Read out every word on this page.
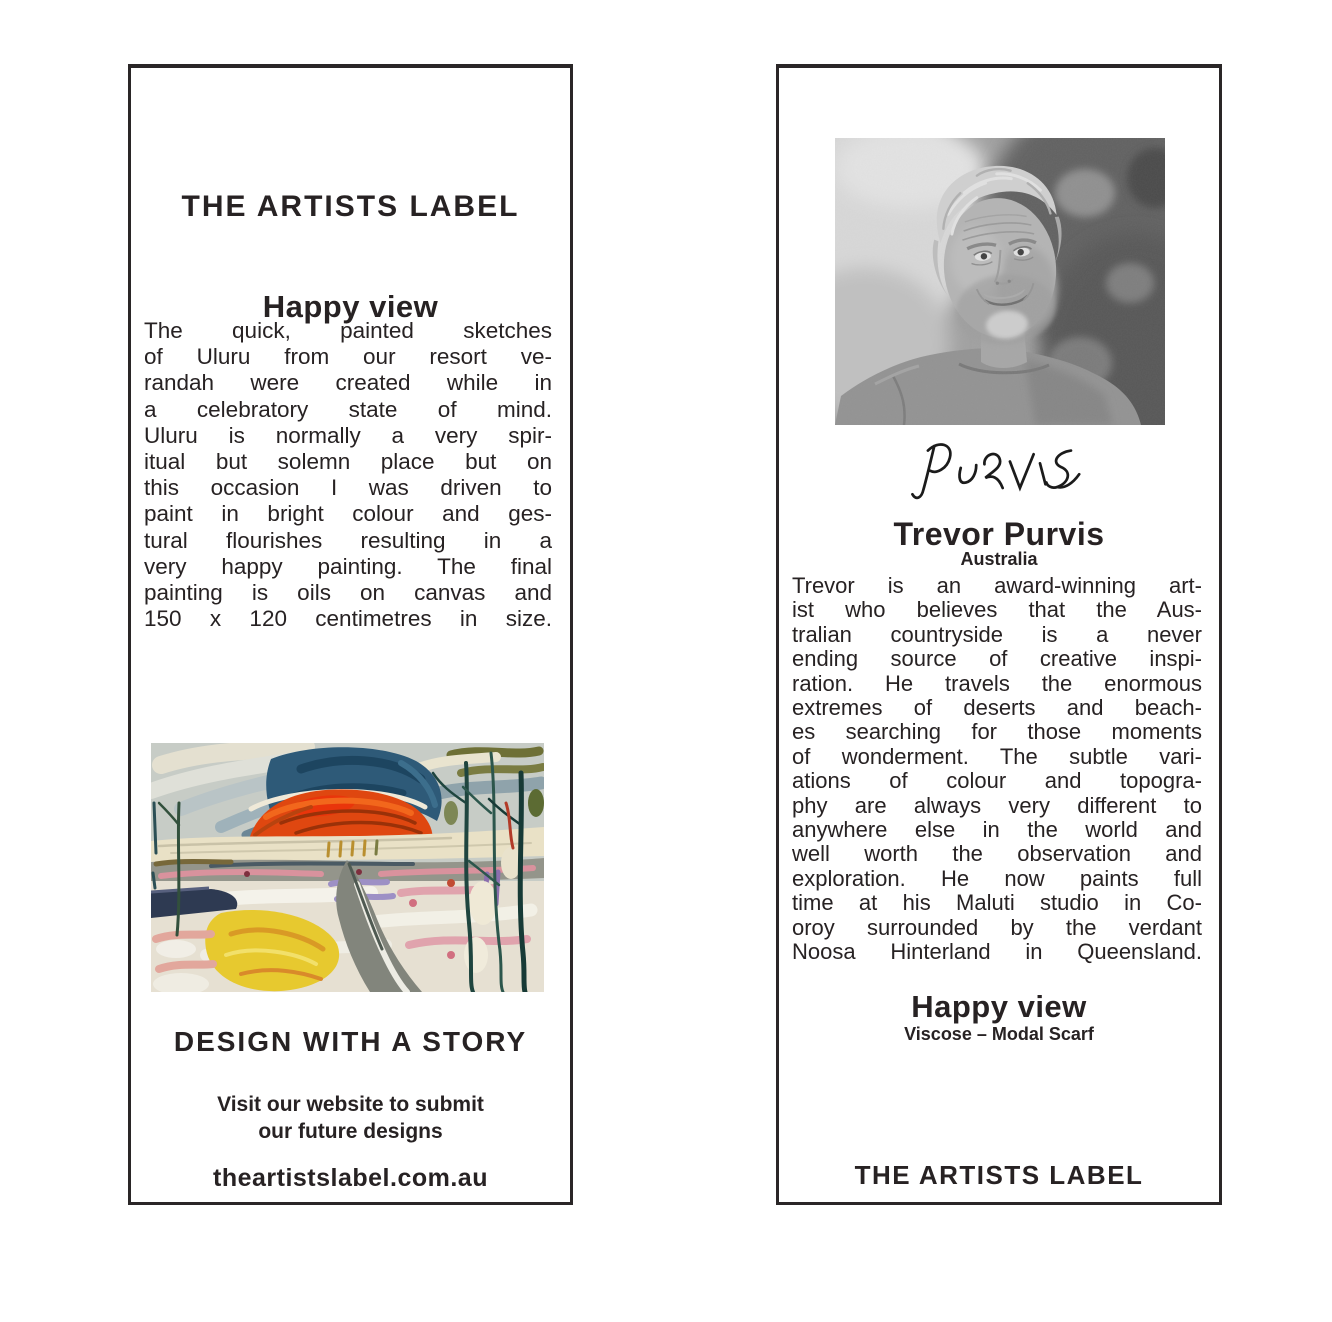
THE ARTISTS LABEL
Happy view
The quick, painted sketches
of Uluru from our resort ve-
randah were created while in
a celebratory state of mind.
Uluru is normally a very spir-
itual but solemn place but on
this occasion I was driven to
paint in bright colour and ges-
tural flourishes resulting in a
very happy painting. The final
painting is oils on canvas and
150 x 120 centimetres in size.
DESIGN WITH A STORY

Visit our website to submit
our future designs

theartistslabel.com.au
Trevor Purvis
Australia
Trevor is an award-winning art-
ist who believes that the Aus-
tralian countryside is a never
ending source of creative inspi-
ration. He travels the enormous
extremes of deserts and beach-
es searching for those moments
of wonderment. The subtle vari-
ations of colour and topogra-
phy are always very different to
anywhere else in the world and
well worth the observation and
exploration. He now paints full
time at his Maluti studio in Co-
oroy surrounded by the verdant
Noosa Hinterland in Queensland.
Happy view
Viscose – Modal Scarf
THE ARTISTS LABEL
